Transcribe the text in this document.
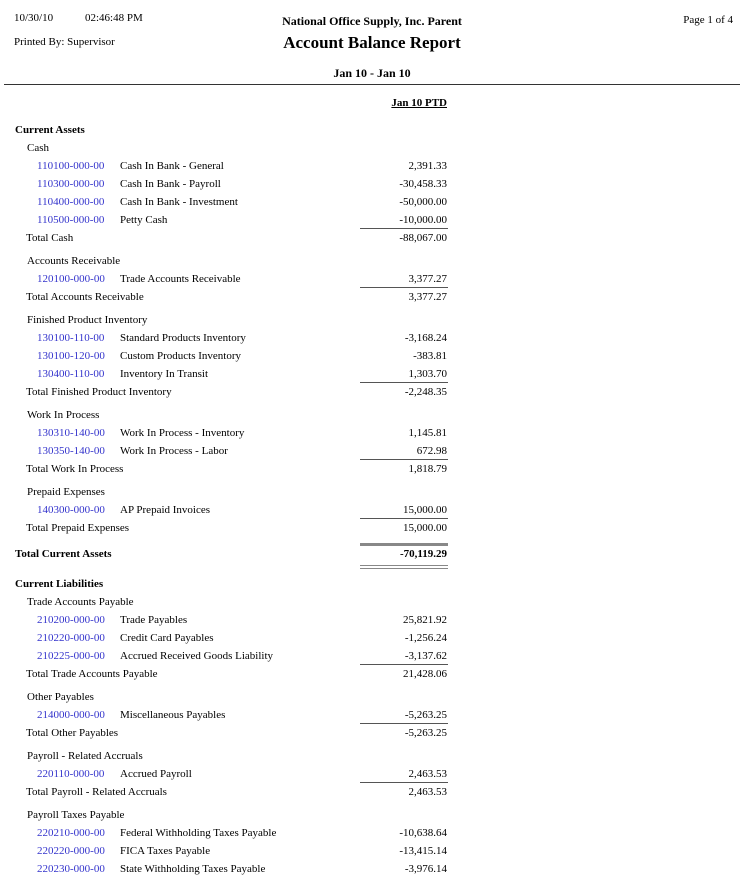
10/30/10	02:46:48 PM
Printed By: Supervisor
National Office Supply, Inc. Parent
Account Balance Report
Jan 10 - Jan 10
Page 1 of 4
Jan 10 PTD
Current Assets
Cash
110100-000-00 Cash In Bank - General	2,391.33
110300-000-00 Cash In Bank - Payroll	-30,458.33
110400-000-00 Cash In Bank - Investment	-50,000.00
110500-000-00 Petty Cash	-10,000.00
Total Cash	-88,067.00
Accounts Receivable
120100-000-00 Trade Accounts Receivable	3,377.27
Total Accounts Receivable	3,377.27
Finished Product Inventory
130100-110-00 Standard Products Inventory	-3,168.24
130100-120-00 Custom Products Inventory	-383.81
130400-110-00 Inventory In Transit	1,303.70
Total Finished Product Inventory	-2,248.35
Work In Process
130310-140-00 Work In Process - Inventory	1,145.81
130350-140-00 Work In Process - Labor	672.98
Total Work In Process	1,818.79
Prepaid Expenses
140300-000-00 AP Prepaid Invoices	15,000.00
Total Prepaid Expenses	15,000.00
Total Current Assets	-70,119.29
Current Liabilities
Trade Accounts Payable
210200-000-00 Trade Payables	25,821.92
210220-000-00 Credit Card Payables	-1,256.24
210225-000-00 Accrued Received Goods Liability	-3,137.62
Total Trade Accounts Payable	21,428.06
Other Payables
214000-000-00 Miscellaneous Payables	-5,263.25
Total Other Payables	-5,263.25
Payroll - Related Accruals
220110-000-00 Accrued Payroll	2,463.53
Total Payroll - Related Accruals	2,463.53
Payroll Taxes Payable
220210-000-00 Federal Withholding Taxes Payable	-10,638.64
220220-000-00 FICA Taxes Payable	-13,415.14
220230-000-00 State Withholding Taxes Payable	-3,976.14
